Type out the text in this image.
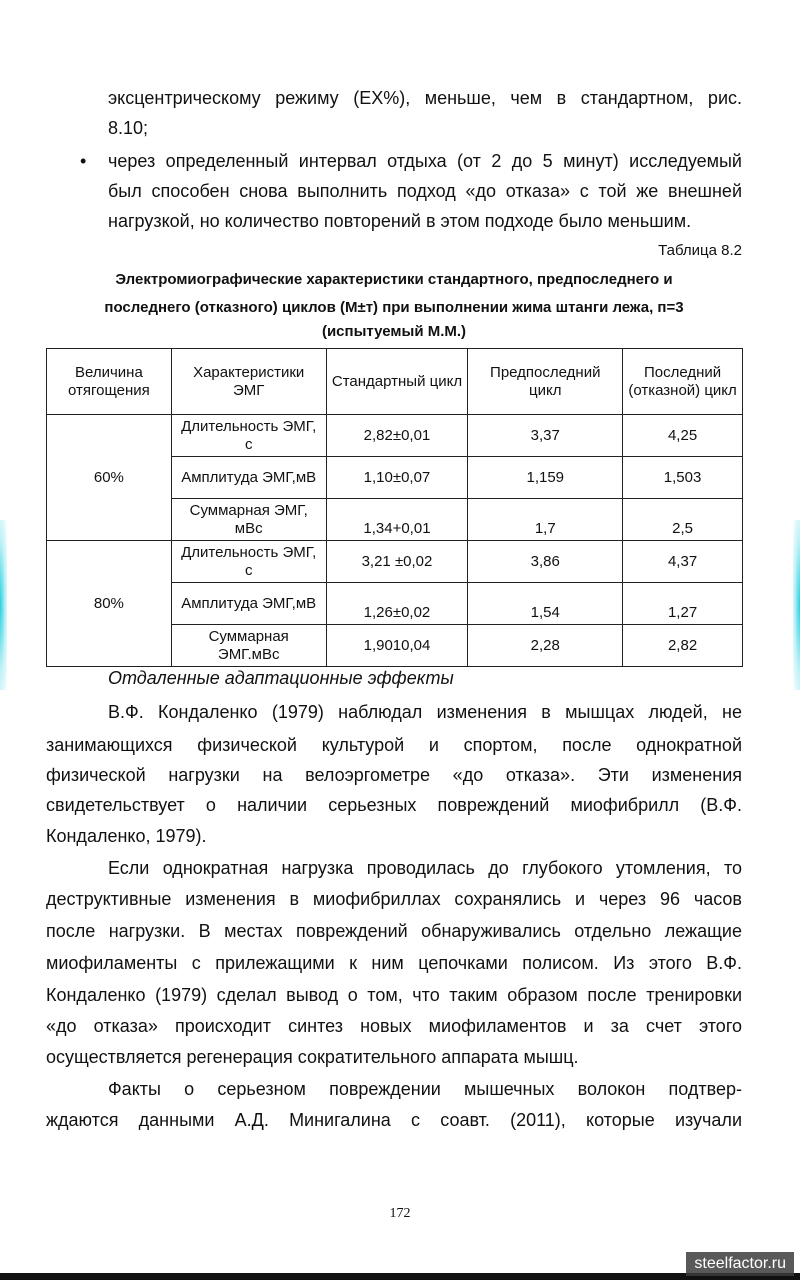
эксцентрическому режиму (ЕХ%), меньше, чем в стандартном, рис.
8.10;
• через определенный интервал отдыха (от 2 до 5 минут) исследуемый
был способен снова выполнить подход «до отказа» с той же внешней
нагрузкой, но количество повторений в этом подходе было меньшим.
Таблица 8.2
Электромиографические характеристики стандартного, предпоследнего и
последнего (отказного) циклов (М±т) при выполнении жима штанги лежа, п=3
(испытуемый М.М.)
Величина отягощения	Характеристики ЭМГ	Стандартный цикл	Предпоследний цикл	Последний (отказной) цикл
60%	Длительность ЭМГ, с	2,82±0,01	3,37	4,25
	Амплитуда ЭМГ,мВ	1,10±0,07	1,159	1,503
	Суммарная ЭМГ, мВс	1,34+0,01	1,7	2,5
80%	Длительность ЭМГ, с	3,21 ±0,02	3,86	4,37
	Амплитуда ЭМГ,мВ	1,26±0,02	1,54	1,27
	Суммарная ЭМГ.мВс	1,9010,04	2,28	2,82
Отдаленные адаптационные эффекты
В.Ф. Кондаленко (1979) наблюдал изменения в мышцах людей, не
занимающихся физической культурой и спортом, после однократной
физической нагрузки на велоэргометре «до отказа». Эти изменения
свидетельствует о наличии серьезных повреждений миофибрилл (В.Ф.
Кондаленко, 1979).
Если однократная нагрузка проводилась до глубокого утомления, то
деструктивные изменения в миофибриллах сохранялись и через 96 часов
после нагрузки. В местах повреждений обнаруживались отдельно лежащие
миофиламенты с прилежащими к ним цепочками полисом. Из этого В.Ф.
Кондаленко (1979) сделал вывод о том, что таким образом после тренировки
«до отказа» происходит синтез новых миофиламентов и за счет этого
осуществляется регенерация сократительного аппарата мышц.
Факты о серьезном повреждении мышечных волокон подтвер-
ждаются данными А.Д. Минигалина с соавт. (2011), которые изучали
172
steelfactor.ru
